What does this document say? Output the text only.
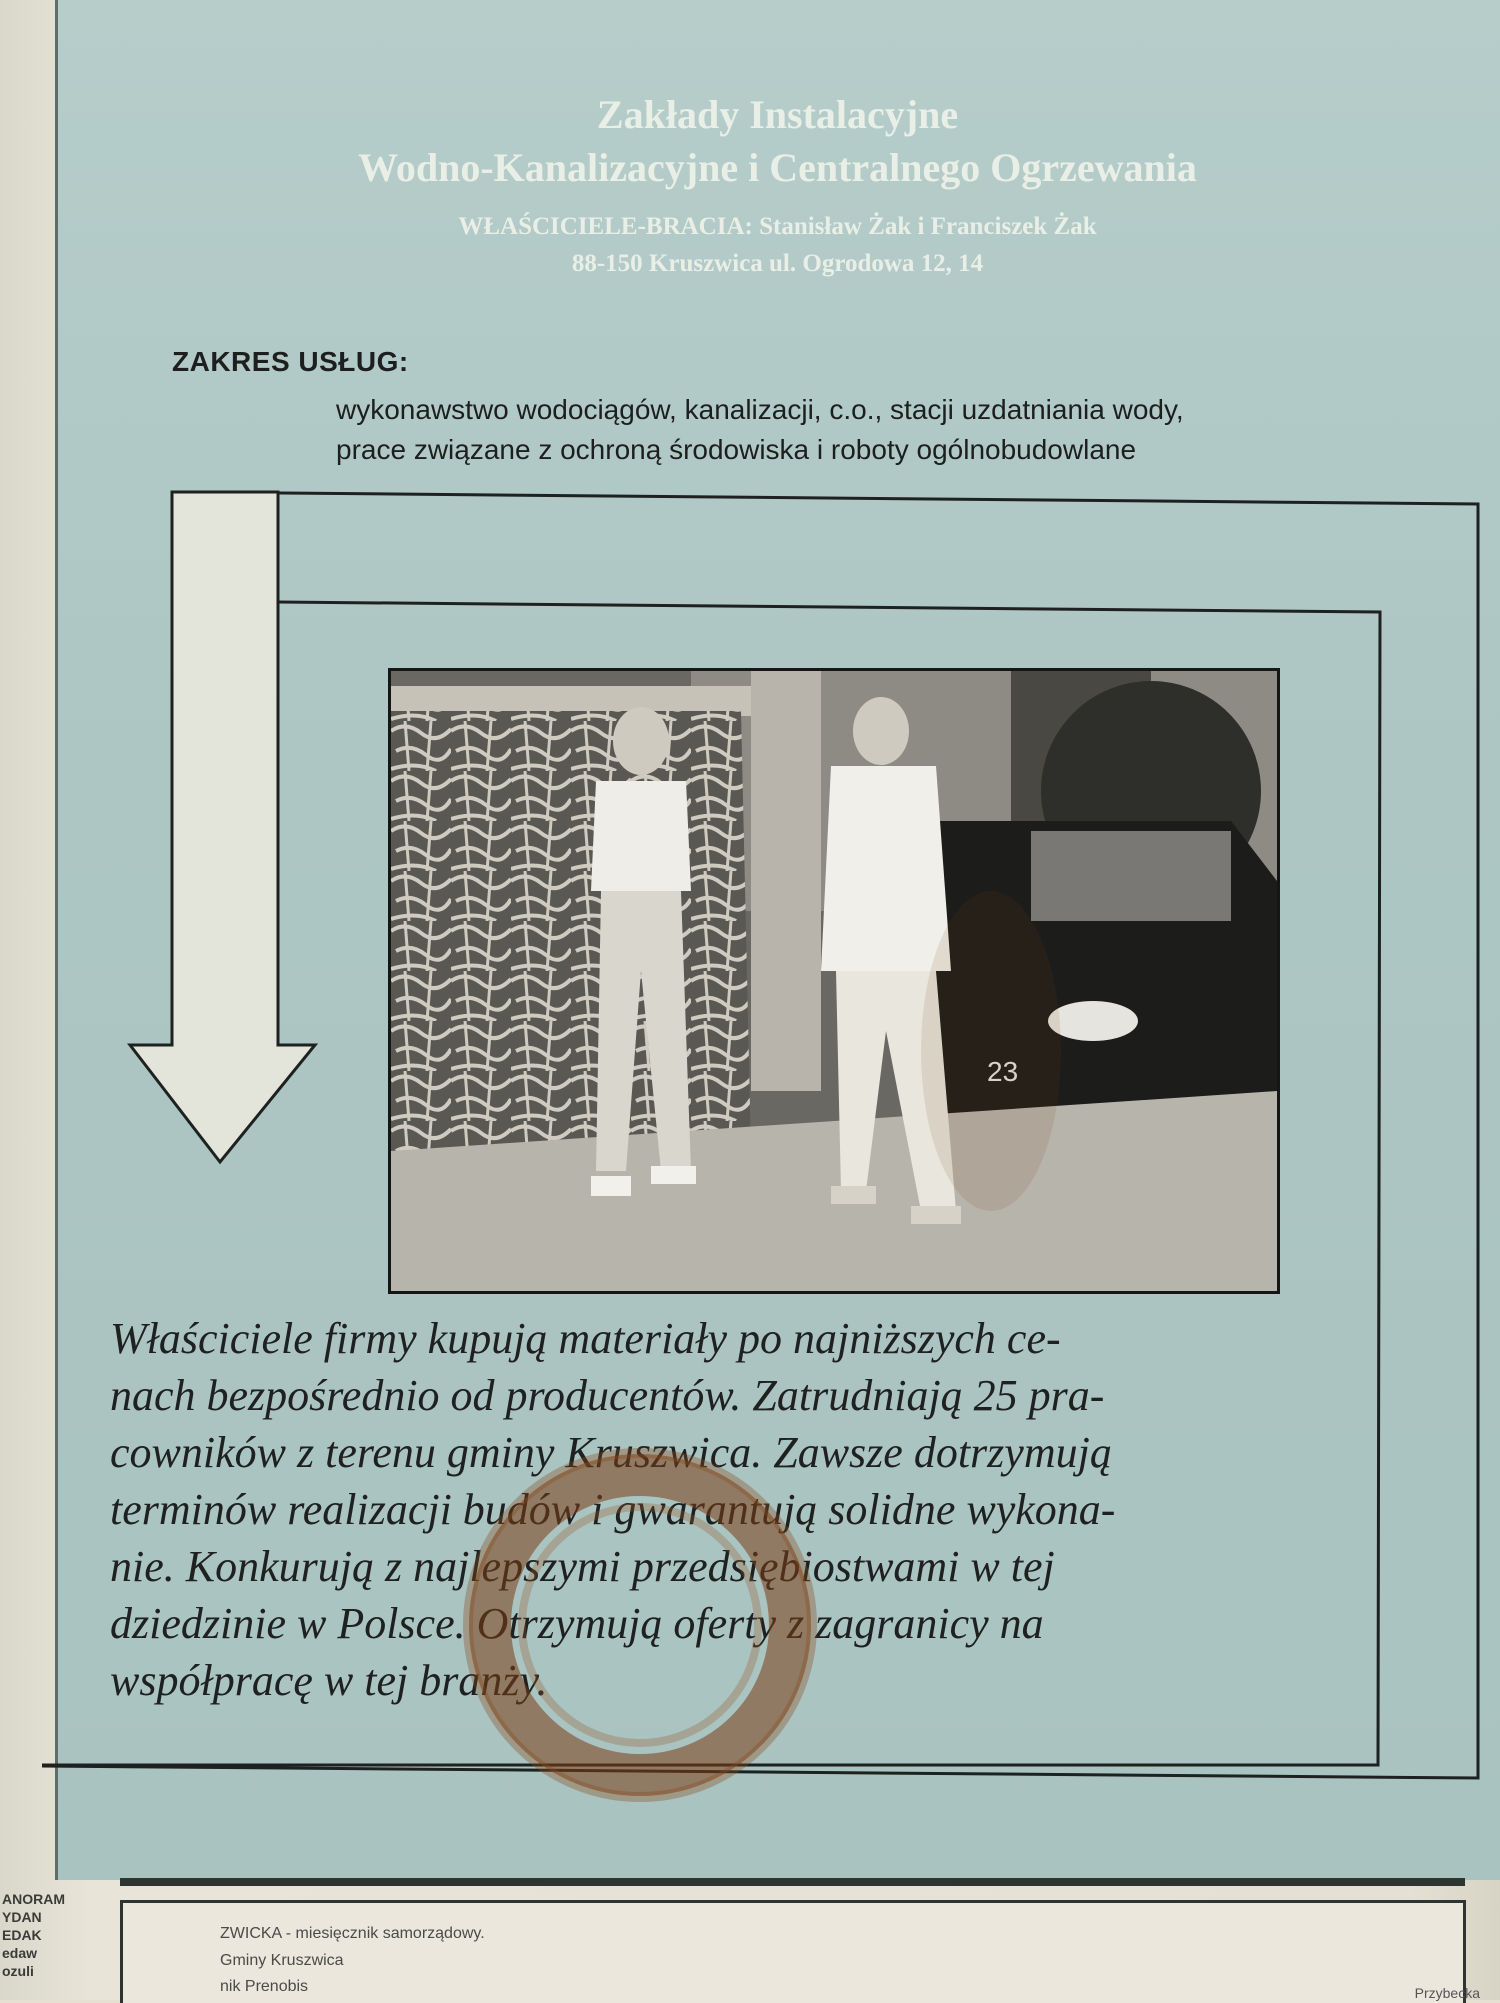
Zakłady Instalacyjne
Wodno-Kanalizacyjne i Centralnego Ogrzewania
WŁAŚCICIELE-BRACIA: Stanisław Żak i Franciszek Żak
88-150 Kruszwica ul. Ogrodowa 12, 14
ZAKRES USŁUG:
wykonawstwo wodociągów, kanalizacji, c.o., stacji uzdatniania wody,
prace związane z ochroną środowiska i roboty ogólnobudowlane
23
Właściciele firmy kupują materiały po najniższych ce-
nach bezpośrednio od producentów. Zatrudniają 25 pra-
cowników z terenu gminy Kruszwica. Zawsze dotrzymują
terminów realizacji budów i gwarantują solidne wykona-
nie. Konkurują z najlepszymi przedsiębiostwami w tej
dziedzinie w Polsce. Otrzymują oferty z zagranicy na
współpracę w tej branży.
ANORAM
YDAN
EDAK
edaw
ozuli
ZWICKA - miesięcznik samorządowy.
Gminy Kruszwica
nik Prenobis	Przybecka
